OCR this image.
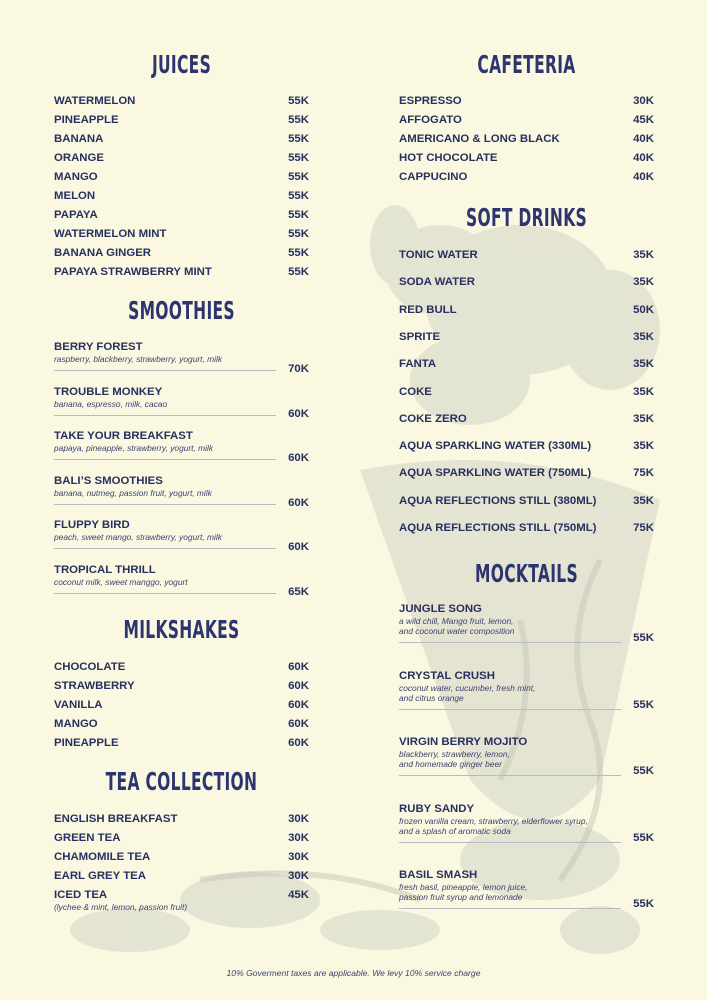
JUICES
WATERMELON	55K
PINEAPPLE	55K
BANANA	55K
ORANGE	55K
MANGO	55K
MELON	55K
PAPAYA	55K
WATERMELON MINT	55K
BANANA GINGER	55K
PAPAYA STRAWBERRY MINT	55K
SMOOTHIES
BERRY FOREST
raspberry, blackberry, strawberry, yogurt, milk
70K
TROUBLE MONKEY
banana, espresso, milk, cacao
60K
TAKE YOUR BREAKFAST
papaya, pineapple, strawberry, yogurt, milk
60K
BALI’S SMOOTHIES
banana, nutmeg, passion fruit, yogurt, milk
60K
FLUPPY BIRD
peach, sweet mango, strawberry, yogurt, milk
60K
TROPICAL THRILL
coconut milk, sweet manggo, yogurt
65K
MILKSHAKES
CHOCOLATE	60K
STRAWBERRY	60K
VANILLA	60K
MANGO	60K
PINEAPPLE	60K
TEA COLLECTION
ENGLISH BREAKFAST	30K
GREEN TEA	30K
CHAMOMILE TEA	30K
EARL GREY TEA	30K
ICED TEA	45K
(lychee & mint, lemon, passion fruit)
CAFETERIA
ESPRESSO	30K
AFFOGATO	45K
AMERICANO & LONG BLACK	40K
HOT CHOCOLATE	40K
CAPPUCINO	40K
SOFT DRINKS
TONIC WATER	35K
SODA WATER	35K
RED BULL	50K
SPRITE	35K
FANTA	35K
COKE	35K
COKE ZERO	35K
AQUA SPARKLING WATER (330ML)	35K
AQUA SPARKLING WATER (750ML)	75K
AQUA REFLECTIONS STILL (380ML)	35K
AQUA REFLECTIONS STILL (750ML)	75K
MOCKTAILS
JUNGLE SONG
a wild chill, Mango fruit, lemon,
and coconut water composition
55K
CRYSTAL CRUSH
coconut water, cucumber, fresh mint,
and citrus orange
55K
VIRGIN BERRY MOJITO
blackberry, strawberry, lemon,
and homemade ginger beer
55K
RUBY SANDY
frozen vanilla cream, strawberry, elderflower syrup,
and a splash of aromatic soda
55K
BASIL SMASH
fresh basil, pineapple, lemon juice,
passion fruit syrup and lemonade
55K
10% Goverment taxes are applicable. We levy 10% service charge
